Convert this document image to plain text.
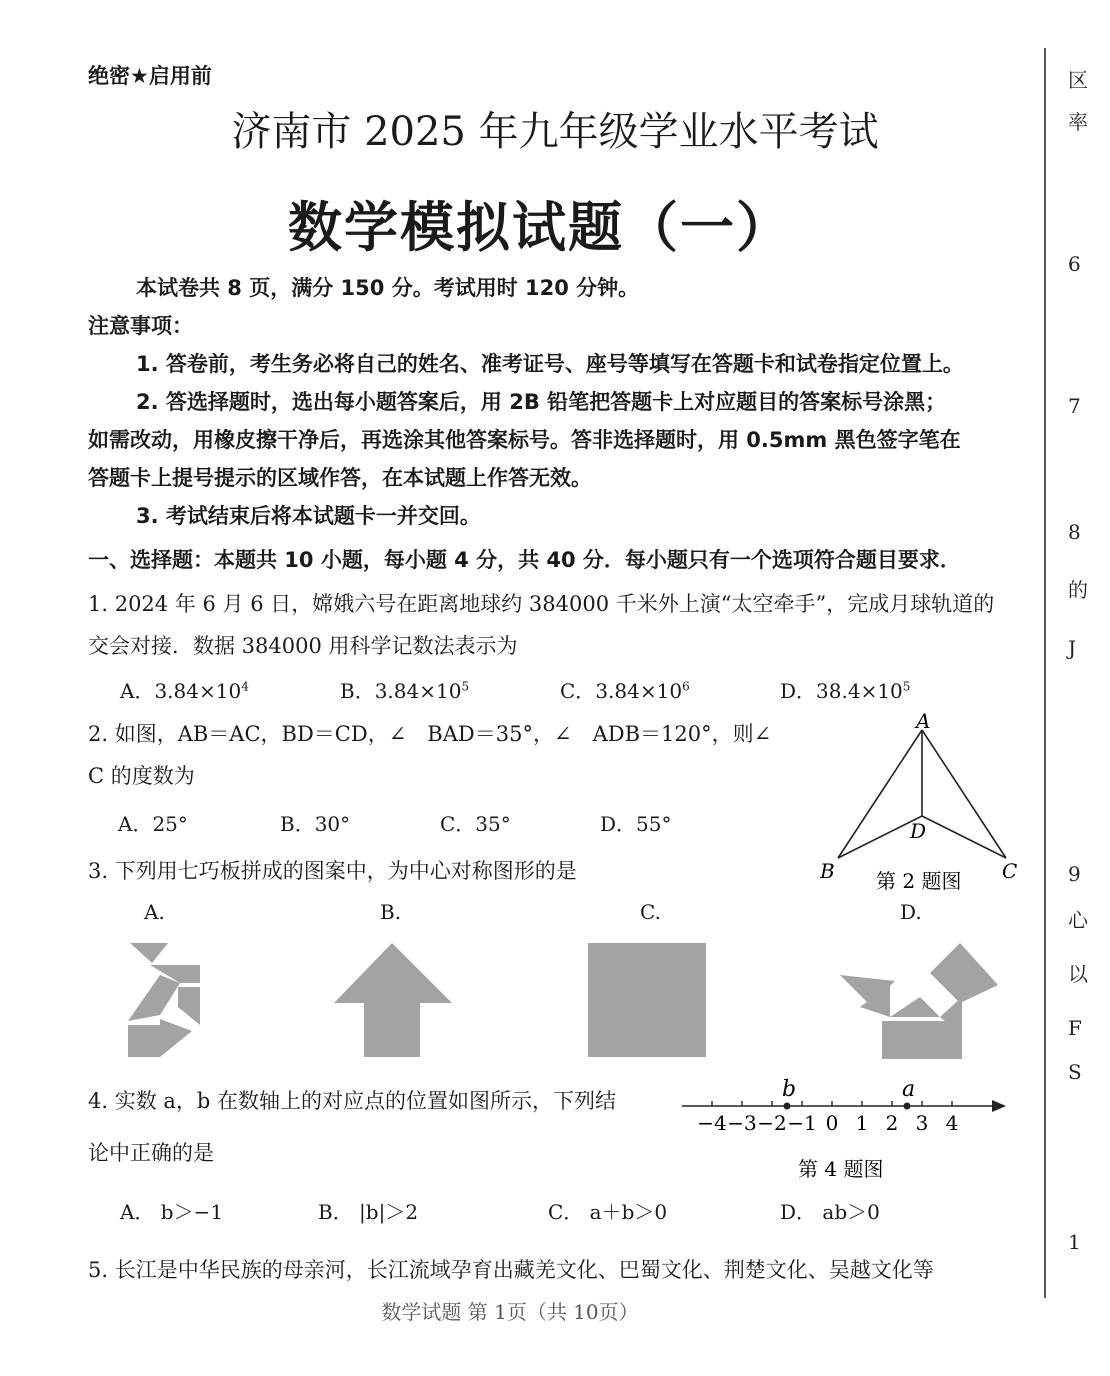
绝密★启用前
济南市 2025 年九年级学业水平考试
数学模拟试题（一）
本试卷共 8 页，满分 150 分。考试用时 120 分钟。
注意事项：
1. 答卷前，考生务必将自己的姓名、准考证号、座号等填写在答题卡和试卷指定位置上。
2. 答选择题时，选出每小题答案后，用 2B 铅笔把答题卡上对应题目的答案标号涂黑；
如需改动，用橡皮擦干净后，再选涂其他答案标号。答非选择题时，用 0.5mm 黑色签字笔在
答题卡上提号提示的区域作答，在本试题上作答无效。
3. 考试结束后将本试题卡一并交回。
一、选择题：本题共 10 小题，每小题 4 分，共 40 分．每小题只有一个选项符合题目要求．
1. 2024 年 6 月 6 日，嫦娥六号在距离地球约 384000 千米外上演“太空牵手”，完成月球轨道的
交会对接．数据 384000 用科学记数法表示为
A．$3.84\times 10^4$	B．$3.84\times 10^5$	C．$3.84\times 10^6$	D．$38.4\times 10^5$
2. 如图，AB＝AC，BD＝CD，∠　BAD＝35°，∠　ADB＝120°，则∠
C 的度数为
A．25°	B．30°	C．35°	D．55°
A
D
B	C
第 2 题图
3. 下列用七巧板拼成的图案中，为中心对称图形的是
A.	B.	C.	D.
4. 实数 a，b 在数轴上的对应点的位置如图所示，下列结
论中正确的是
−4 −3 −2 −1 0 1 2 3 4
b	a
第 4 题图
A． b＞−1	B． |b|＞2	C． a＋b＞0	D． ab＞0
5. 长江是中华民族的母亲河，长江流域孕育出藏羌文化、巴蜀文化、荆楚文化、吴越文化等
数学试题 第 1页（共 10页）
区
率
6
7
8
的
J
9
心
以
F
S
1
